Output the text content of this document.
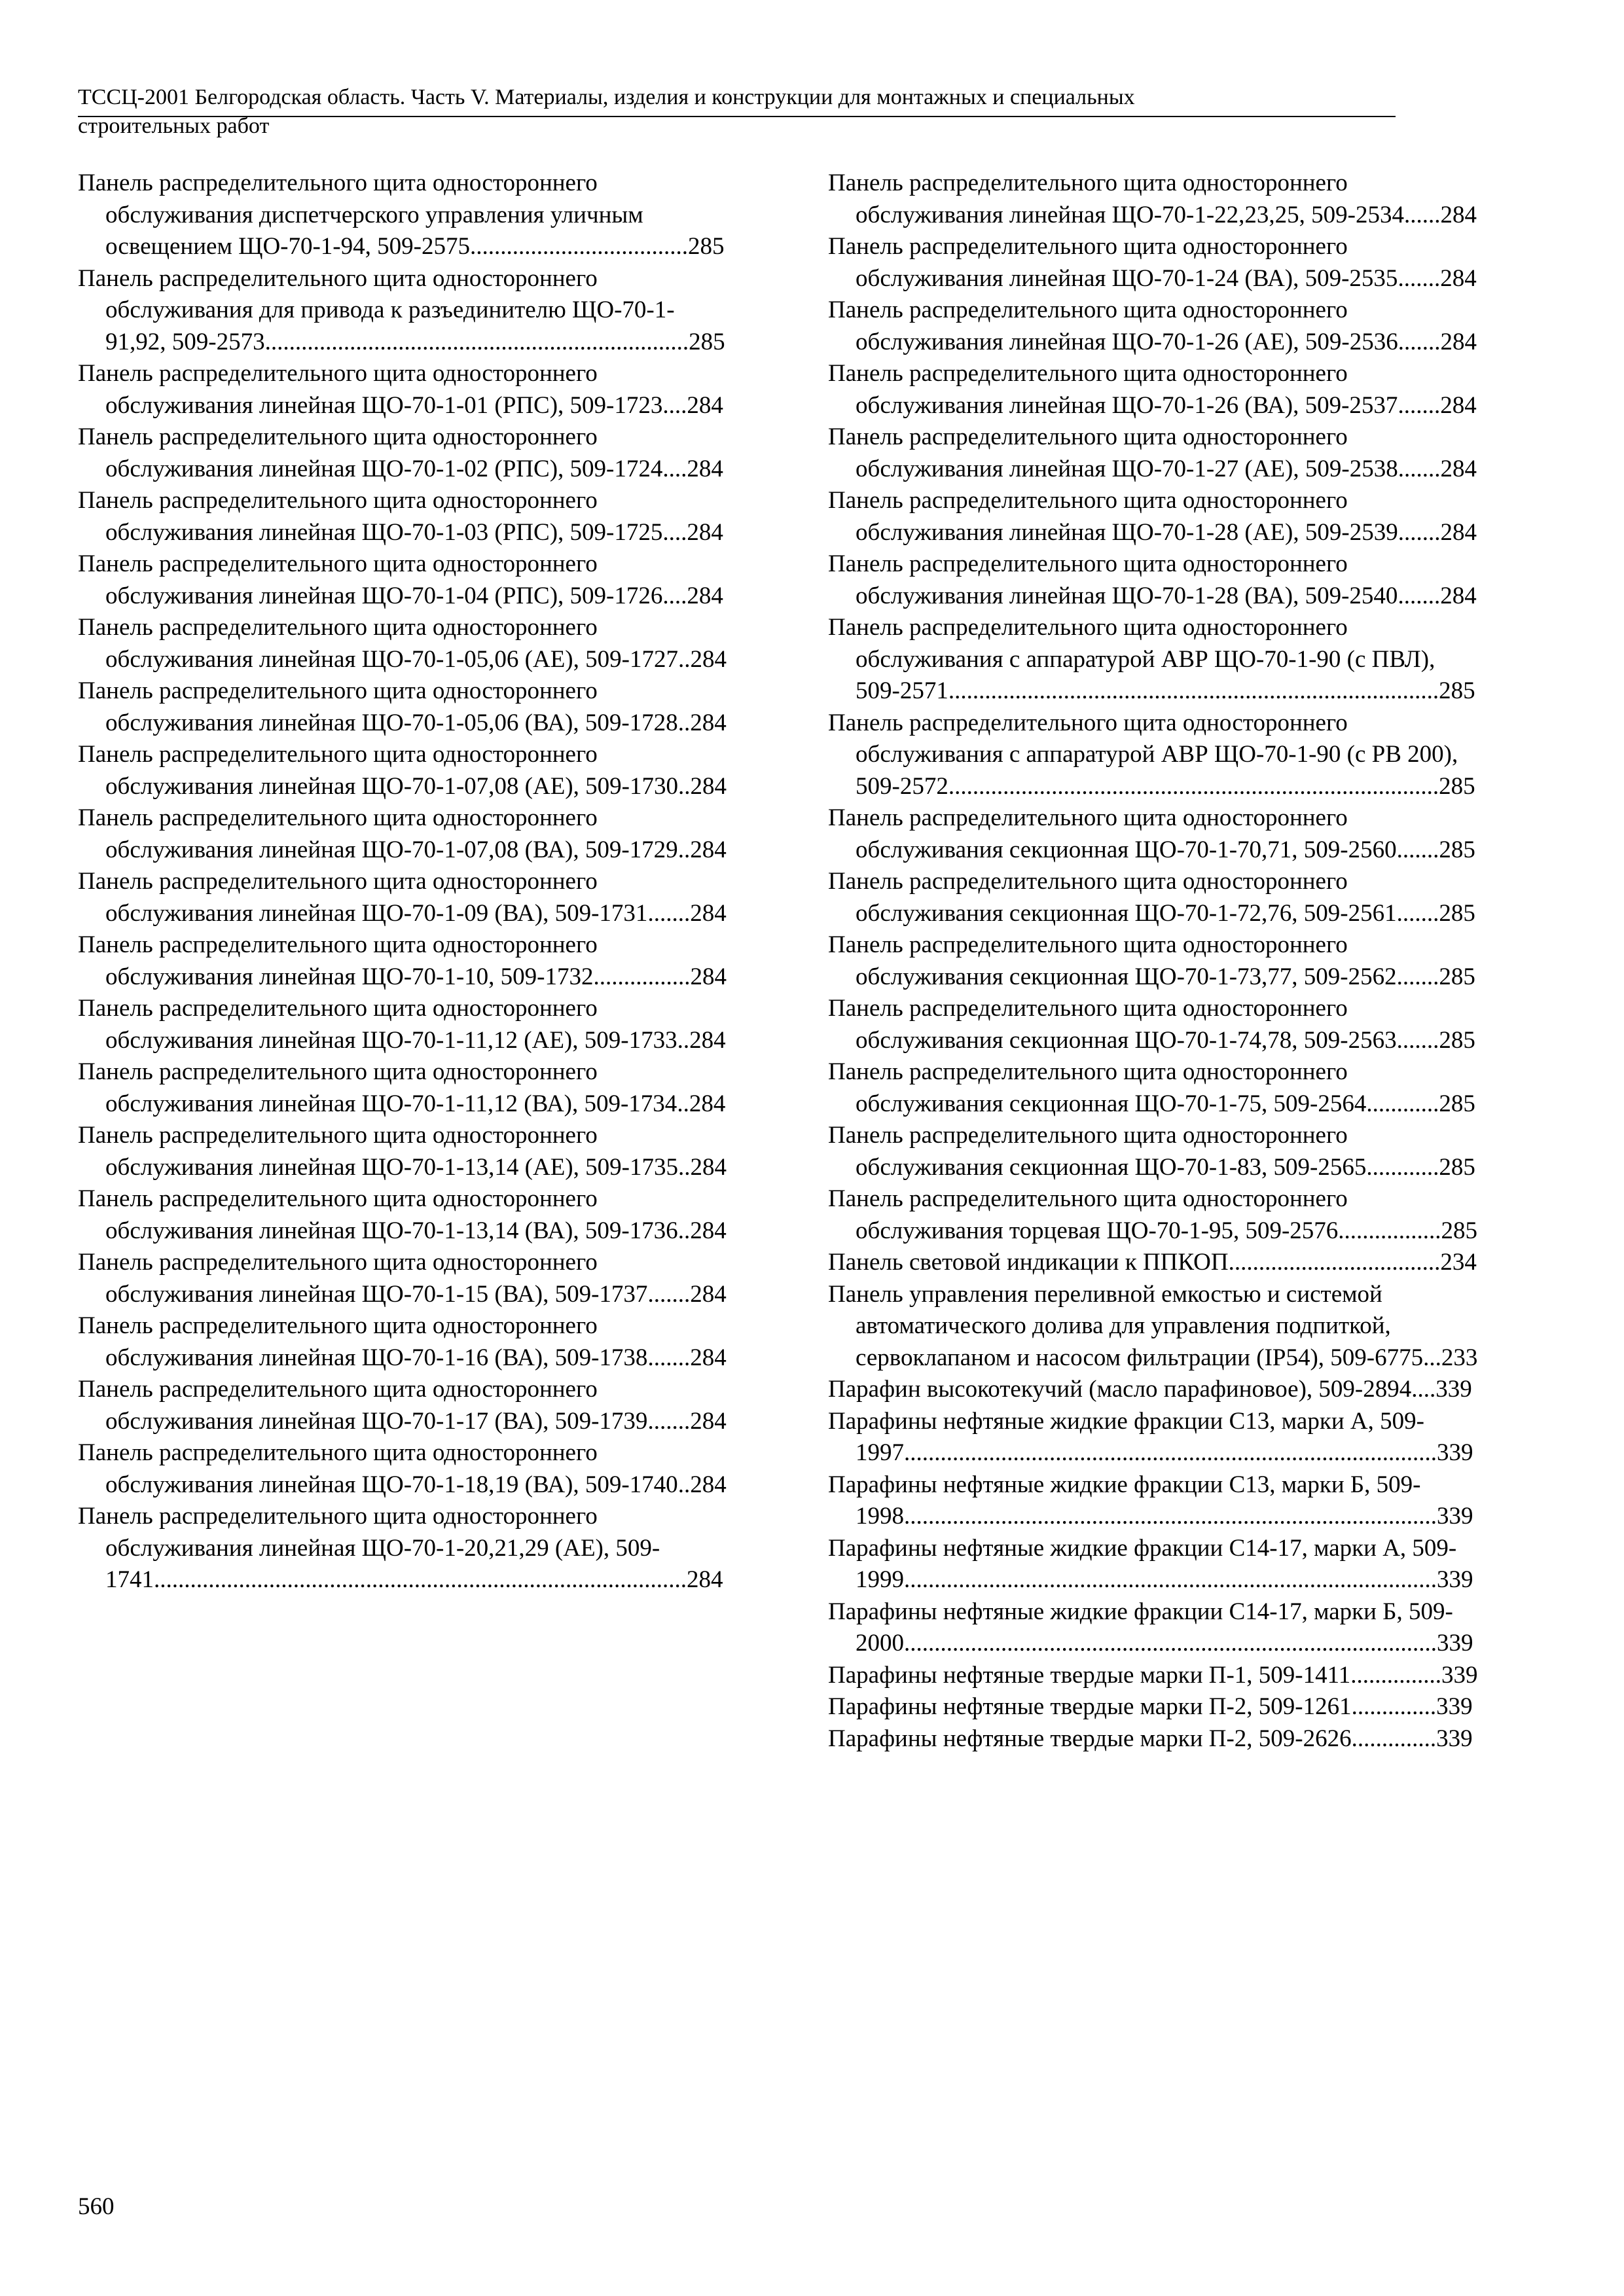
ТССЦ-2001 Белгородская область. Часть V. Материалы, изделия и конструкции для монтажных и специальных
строительных работ
Панель распределительного щита одностороннего обслуживания диспетчерского управления уличным освещением ЩО-70-1-94, 509-2575....................................285
Панель распределительного щита одностороннего обслуживания для привода к разъединителю ЩО-70-1-91,92, 509-2573......................................................................285
Панель распределительного щита одностороннего обслуживания линейная ЩО-70-1-01 (РПС), 509-1723....284
Панель распределительного щита одностороннего обслуживания линейная ЩО-70-1-02 (РПС), 509-1724....284
Панель распределительного щита одностороннего обслуживания линейная ЩО-70-1-03 (РПС), 509-1725....284
Панель распределительного щита одностороннего обслуживания линейная ЩО-70-1-04 (РПС), 509-1726....284
Панель распределительного щита одностороннего обслуживания линейная ЩО-70-1-05,06 (АЕ), 509-1727..284
Панель распределительного щита одностороннего обслуживания линейная ЩО-70-1-05,06 (ВА), 509-1728..284
Панель распределительного щита одностороннего обслуживания линейная ЩО-70-1-07,08 (АЕ), 509-1730..284
Панель распределительного щита одностороннего обслуживания линейная ЩО-70-1-07,08 (ВА), 509-1729..284
Панель распределительного щита одностороннего обслуживания линейная ЩО-70-1-09 (ВА), 509-1731.......284
Панель распределительного щита одностороннего обслуживания линейная ЩО-70-1-10, 509-1732................284
Панель распределительного щита одностороннего обслуживания линейная ЩО-70-1-11,12 (АЕ), 509-1733..284
Панель распределительного щита одностороннего обслуживания линейная ЩО-70-1-11,12 (ВА), 509-1734..284
Панель распределительного щита одностороннего обслуживания линейная ЩО-70-1-13,14 (АЕ), 509-1735..284
Панель распределительного щита одностороннего обслуживания линейная ЩО-70-1-13,14 (ВА), 509-1736..284
Панель распределительного щита одностороннего обслуживания линейная ЩО-70-1-15 (ВА), 509-1737.......284
Панель распределительного щита одностороннего обслуживания линейная ЩО-70-1-16 (ВА), 509-1738.......284
Панель распределительного щита одностороннего обслуживания линейная ЩО-70-1-17 (ВА), 509-1739.......284
Панель распределительного щита одностороннего обслуживания линейная ЩО-70-1-18,19 (ВА), 509-1740..284
Панель распределительного щита одностороннего обслуживания линейная ЩО-70-1-20,21,29 (АЕ), 509-1741........................................................................................284
Панель распределительного щита одностороннего обслуживания линейная ЩО-70-1-22,23,25, 509-2534......284
Панель распределительного щита одностороннего обслуживания линейная ЩО-70-1-24 (ВА), 509-2535.......284
Панель распределительного щита одностороннего обслуживания линейная ЩО-70-1-26 (АЕ), 509-2536.......284
Панель распределительного щита одностороннего обслуживания линейная ЩО-70-1-26 (ВА), 509-2537.......284
Панель распределительного щита одностороннего обслуживания линейная ЩО-70-1-27 (АЕ), 509-2538.......284
Панель распределительного щита одностороннего обслуживания линейная ЩО-70-1-28 (АЕ), 509-2539.......284
Панель распределительного щита одностороннего обслуживания линейная ЩО-70-1-28 (ВА), 509-2540.......284
Панель распределительного щита одностороннего обслуживания с аппаратурой АВР ЩО-70-1-90 (с ПВЛ), 509-2571.................................................................................285
Панель распределительного щита одностороннего обслуживания с аппаратурой АВР ЩО-70-1-90 (с РВ 200), 509-2572.................................................................................285
Панель распределительного щита одностороннего обслуживания секционная ЩО-70-1-70,71, 509-2560.......285
Панель распределительного щита одностороннего обслуживания секционная ЩО-70-1-72,76, 509-2561.......285
Панель распределительного щита одностороннего обслуживания секционная ЩО-70-1-73,77, 509-2562.......285
Панель распределительного щита одностороннего обслуживания секционная ЩО-70-1-74,78, 509-2563.......285
Панель распределительного щита одностороннего обслуживания секционная ЩО-70-1-75, 509-2564............285
Панель распределительного щита одностороннего обслуживания секционная ЩО-70-1-83, 509-2565............285
Панель распределительного щита одностороннего обслуживания торцевая ЩО-70-1-95, 509-2576.................285
Панель световой индикации к ППКОП...................................234
Панель управления переливной емкостью и системой автоматического долива для управления подпиткой, сервоклапаном и насосом фильтрации (IP54), 509-6775...233
Парафин высокотекучий (масло парафиновое), 509-2894....339
Парафины нефтяные жидкие фракции С13, марки А, 509-1997........................................................................................339
Парафины нефтяные жидкие фракции С13, марки Б, 509-1998........................................................................................339
Парафины нефтяные жидкие фракции С14-17, марки А, 509-1999........................................................................................339
Парафины нефтяные жидкие фракции С14-17, марки Б, 509-2000........................................................................................339
Парафины нефтяные твердые марки П-1, 509-1411...............339
Парафины нефтяные твердые марки П-2, 509-1261..............339
Парафины нефтяные твердые марки П-2, 509-2626..............339
560
